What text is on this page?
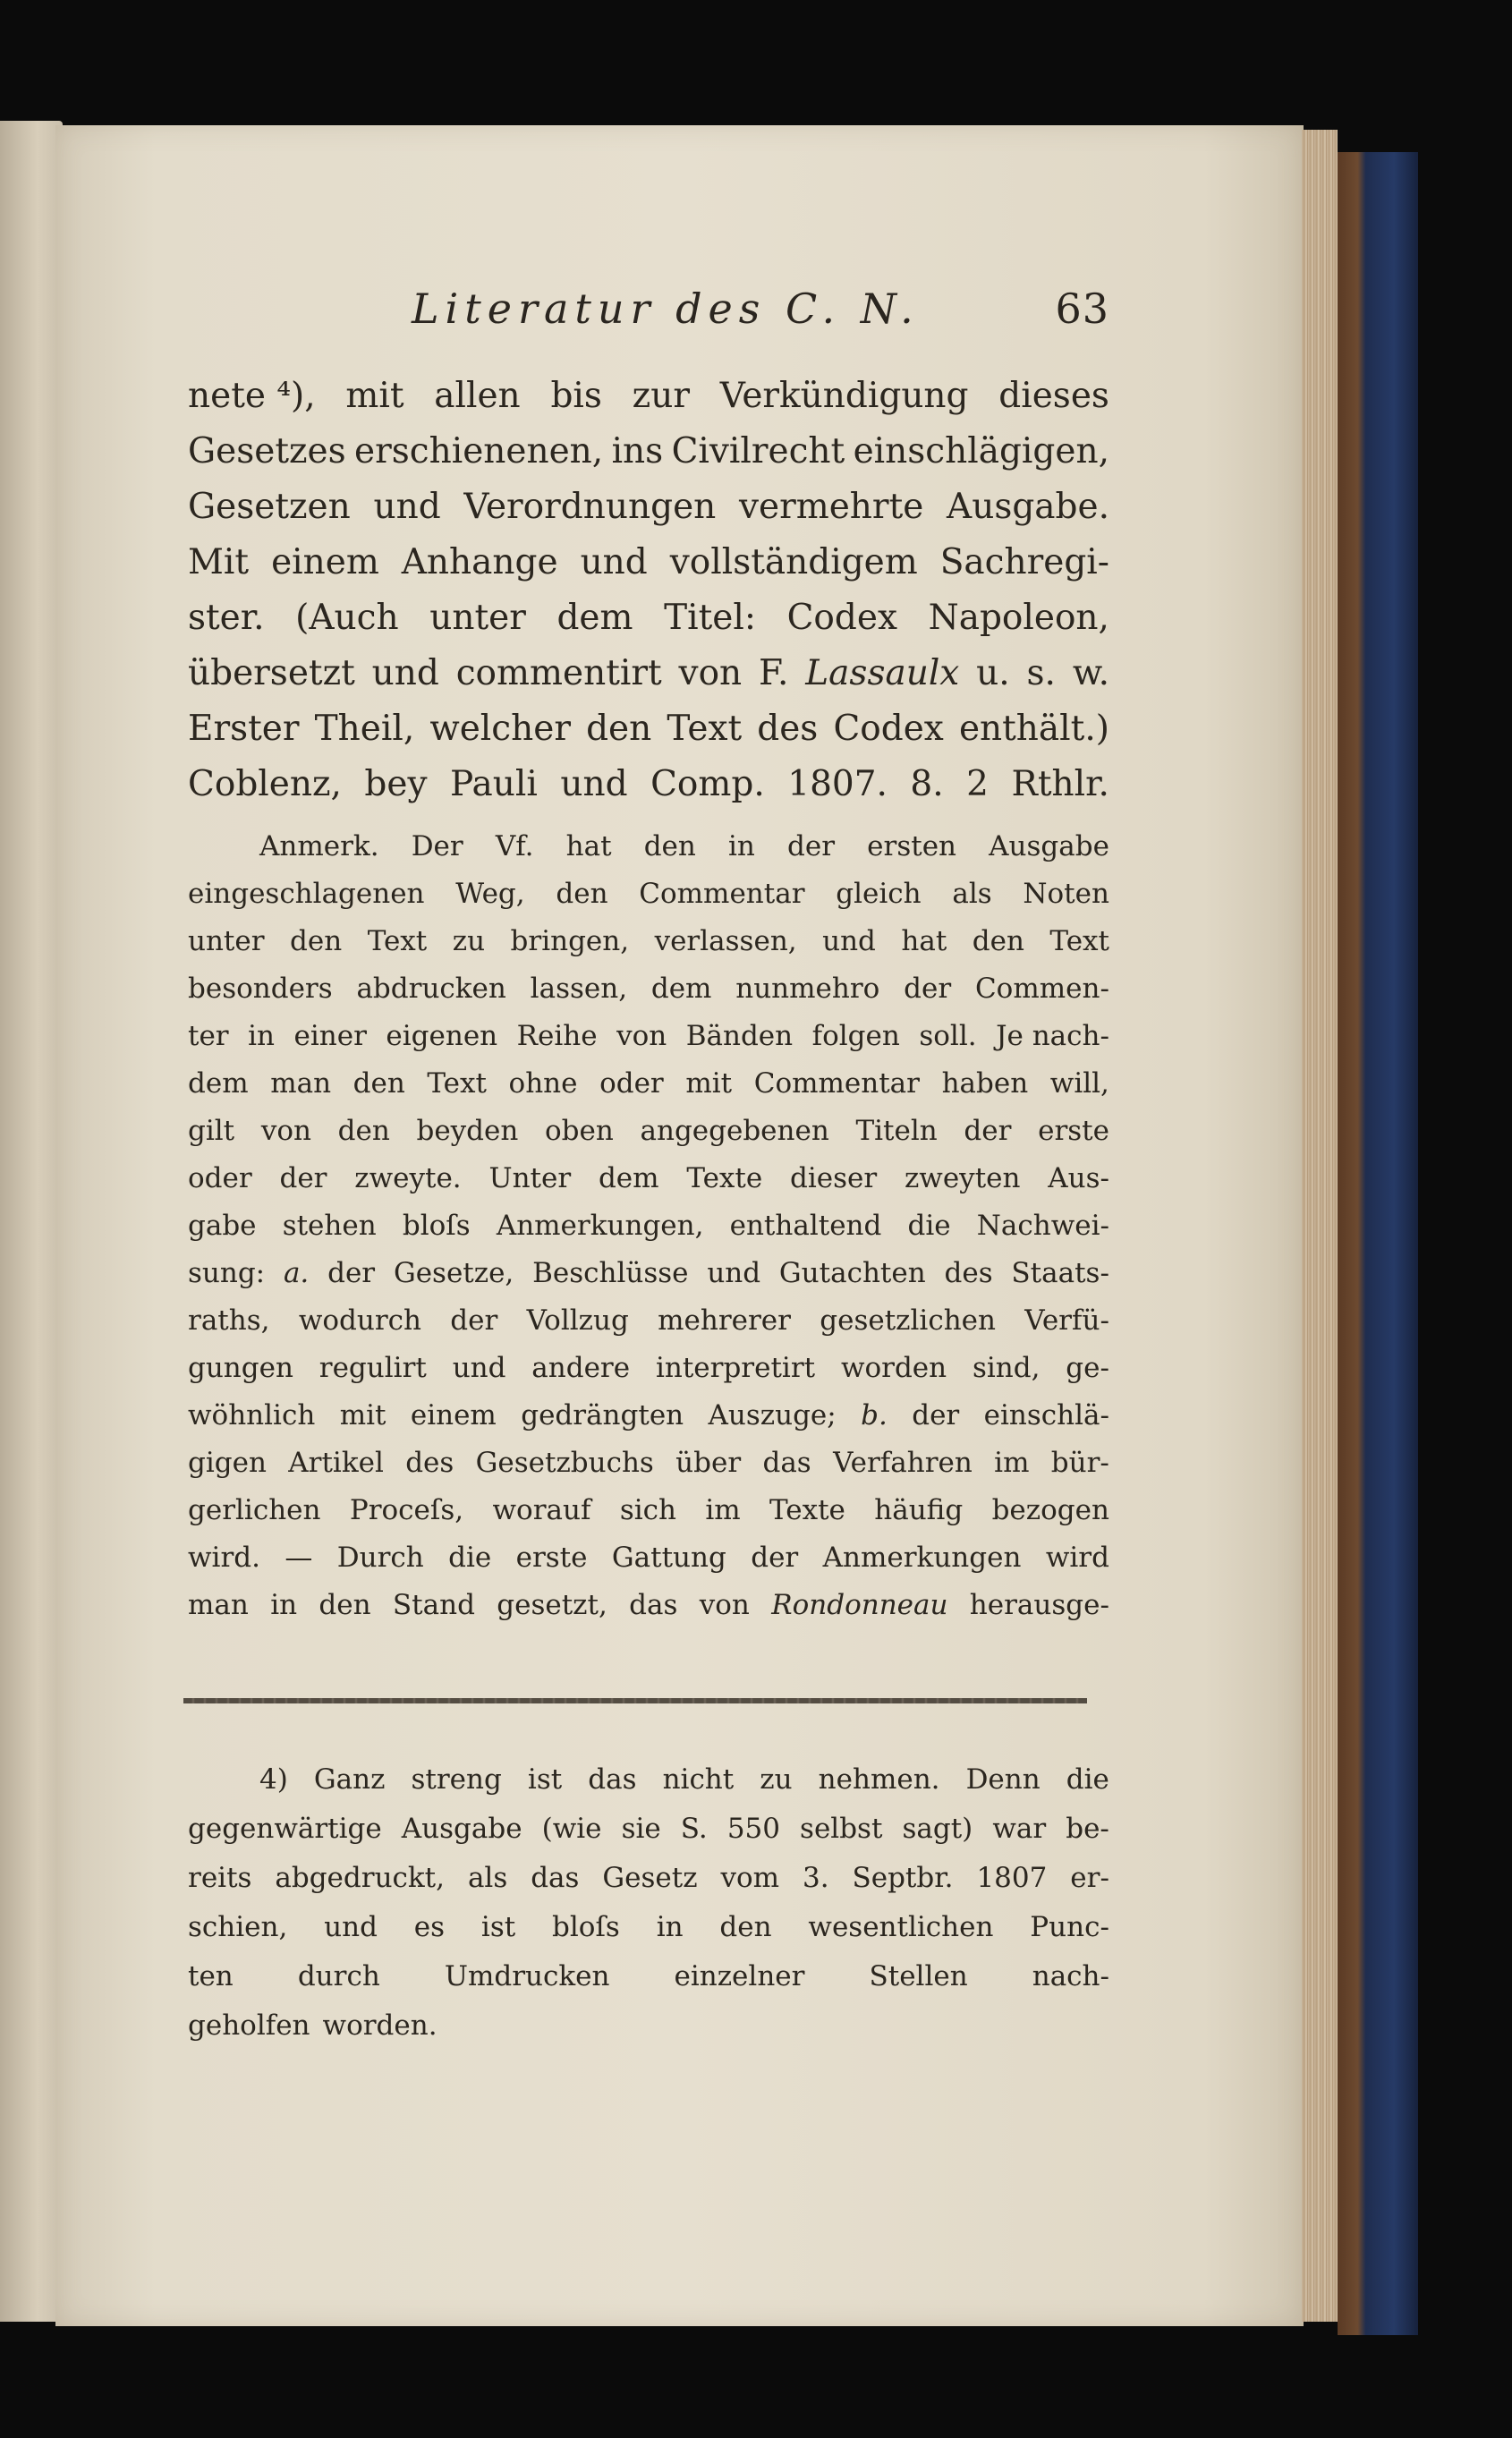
Literatur des C. N.	63
nete ⁴), mit allen bis zur Verkündigung dieses
Gesetzes erschienenen, ins Civilrecht einschlägigen,
Gesetzen und Verordnungen vermehrte Ausgabe.
Mit einem Anhange und vollständigem Sachregi-
ster. (Auch unter dem Titel: Codex Napoleon,
übersetzt und commentirt von F. Lassaulx u. s. w.
Erster Theil, welcher den Text des Codex enthält.)
Coblenz, bey Pauli und Comp. 1807. 8. 2 Rthlr.
Anmerk. Der Vf. hat den in der ersten Ausgabe
eingeschlagenen Weg, den Commentar gleich als Noten
unter den Text zu bringen, verlassen, und hat den Text
besonders abdrucken lassen, dem nunmehro der Commen-
ter in einer eigenen Reihe von Bänden folgen soll. Je nach-
dem man den Text ohne oder mit Commentar haben will,
gilt von den beyden oben angegebenen Titeln der erste
oder der zweyte. Unter dem Texte dieser zweyten Aus-
gabe stehen bloſs Anmerkungen, enthaltend die Nachwei-
sung: a. der Gesetze, Beschlüsse und Gutachten des Staats-
raths, wodurch der Vollzug mehrerer gesetzlichen Verfü-
gungen regulirt und andere interpretirt worden sind, ge-
wöhnlich mit einem gedrängten Auszuge; b. der einschlä-
gigen Artikel des Gesetzbuchs über das Verfahren im bür-
gerlichen Proceſs, worauf sich im Texte häufig bezogen
wird. — Durch die erste Gattung der Anmerkungen wird
man in den Stand gesetzt, das von Rondonneau herausge-
4) Ganz streng ist das nicht zu nehmen. Denn die
gegenwärtige Ausgabe (wie sie S. 550 selbst sagt) war be-
reits abgedruckt, als das Gesetz vom 3. Septbr. 1807 er-
schien, und es ist bloſs in den wesentlichen Punc-
ten durch Umdrucken einzelner Stellen nach-
geholfen worden.
